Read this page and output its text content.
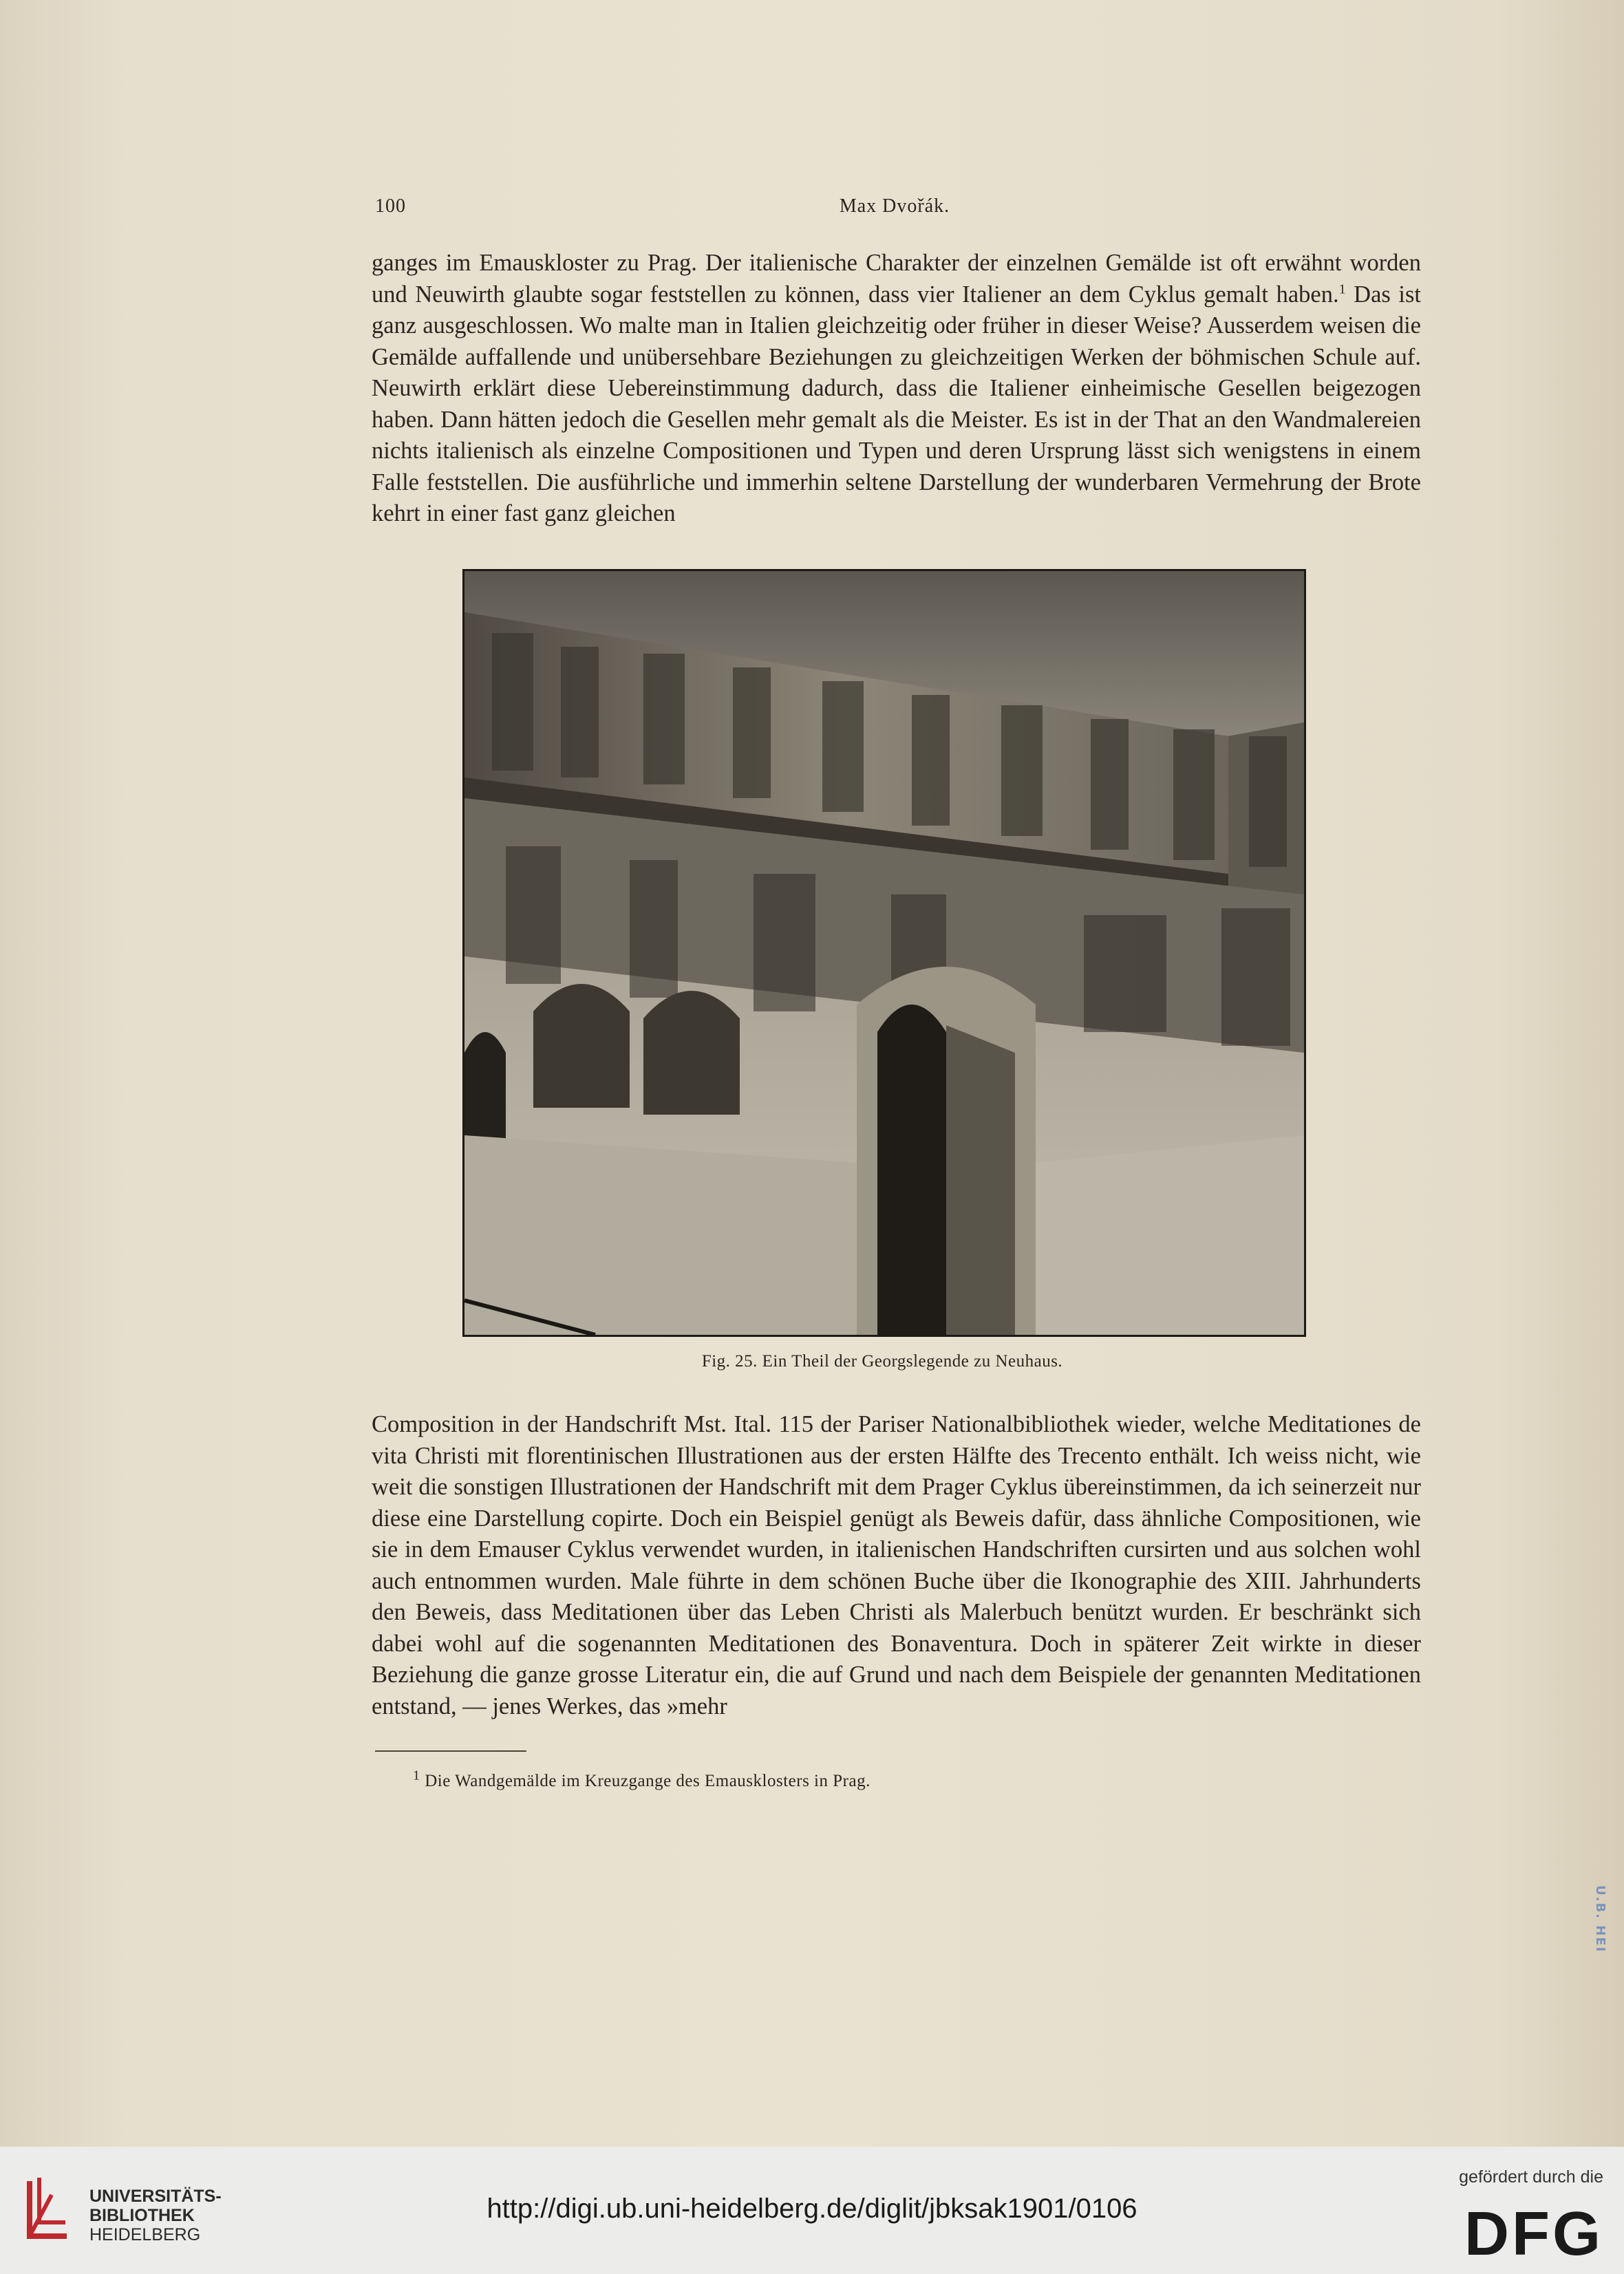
100	Max Dvořák.

ganges im Emauskloster zu Prag. Der italienische Charakter der einzelnen Gemälde ist oft erwähnt worden und Neuwirth glaubte sogar feststellen zu können, dass vier Italiener an dem Cyklus gemalt haben.$^1$ Das ist ganz ausgeschlossen. Wo malte man in Italien gleichzeitig oder früher in dieser Weise? Ausserdem weisen die Gemälde auffallende und unübersehbare Beziehungen zu gleichzeitigen Werken der böhmischen Schule auf. Neuwirth erklärt diese Uebereinstimmung dadurch, dass die Italiener einheimische Gesellen beigezogen haben. Dann hätten jedoch die Gesellen mehr gemalt als die Meister. Es ist in der That an den Wandmalereien nichts italienisch als einzelne Compositionen und Typen und deren Ursprung lässt sich wenigstens in einem Falle feststellen. Die ausführliche und immerhin seltene Darstellung der wunderbaren Vermehrung der Brote kehrt in einer fast ganz gleichen

Fig. 25. Ein Theil der Georgslegende zu Neuhaus.

Composition in der Handschrift Mst. Ital. 115 der Pariser Nationalbibliothek wieder, welche Meditationes de vita Christi mit florentinischen Illustrationen aus der ersten Hälfte des Trecento enthält. Ich weiss nicht, wie weit die sonstigen Illustrationen der Handschrift mit dem Prager Cyklus übereinstimmen, da ich seinerzeit nur diese eine Darstellung copirte. Doch ein Beispiel genügt als Beweis dafür, dass ähnliche Compositionen, wie sie in dem Emauser Cyklus verwendet wurden, in italienischen Handschriften cursirten und aus solchen wohl auch entnommen wurden. Male führte in dem schönen Buche über die Ikonographie des XIII. Jahrhunderts den Beweis, dass Meditationen über das Leben Christi als Malerbuch benützt wurden. Er beschränkt sich dabei wohl auf die sogenannten Meditationen des Bonaventura. Doch in späterer Zeit wirkte in dieser Beziehung die ganze grosse Literatur ein, die auf Grund und nach dem Beispiele der genannten Meditationen entstand, — jenes Werkes, das »mehr

$^1$ Die Wandgemälde im Kreuzgange des Emausklosters in Prag.
U.B. HEI
UNIVERSITÄTS-
BIBLIOTHEK
HEIDELBERG
http://digi.ub.uni-heidelberg.de/diglit/jbksak1901/0106
gefördert durch die
DFG
